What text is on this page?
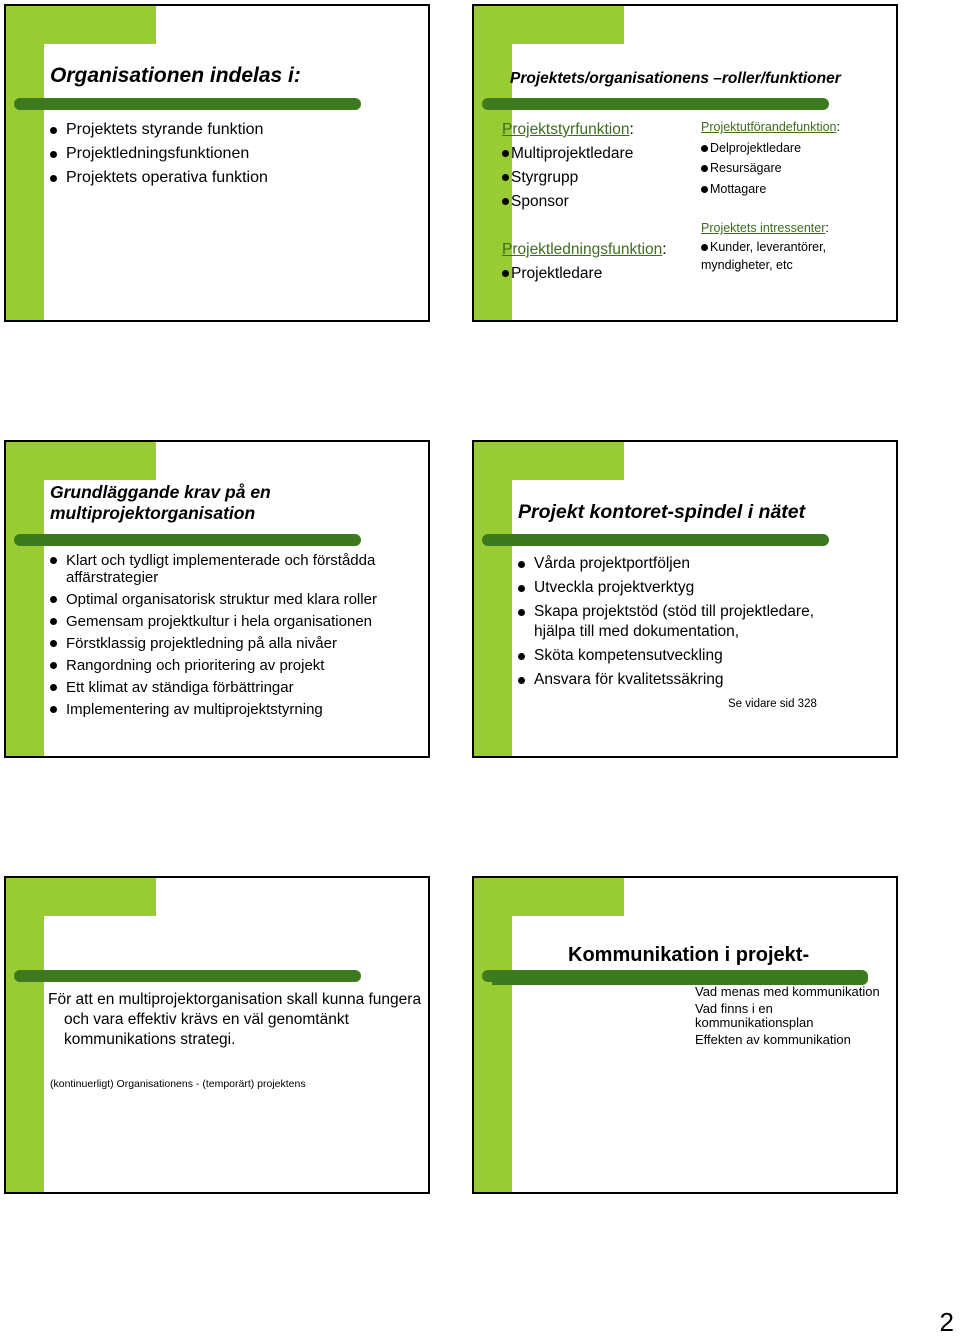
Organisationen indelas i:
Projektets styrande funktion
Projektledningsfunktionen
Projektets operativa funktion
Projektets/organisationens –roller/funktioner
Projektstyrfunktion:
Multiprojektledare
Styrgrupp
Sponsor
Projektledningsfunktion:
Projektledare
Projektutförandefunktion:
Delprojektledare
Resursägare
Mottagare
Projektets intressenter:
Kunder, leverantörer,
myndigheter, etc
Grundläggande krav på en
multiprojektorganisation
Klart och tydligt implementerade och förstådda affärstrategier
Optimal organisatorisk struktur med klara roller
Gemensam projektkultur i hela organisationen
Förstklassig projektledning på alla nivåer
Rangordning och prioritering av projekt
Ett klimat av ständiga förbättringar
Implementering av multiprojektstyrning
Projekt kontoret-spindel i nätet
Vårda projektportföljen
Utveckla projektverktyg
Skapa projektstöd (stöd till projektledare, hjälpa till med dokumentation,
Sköta kompetensutveckling
Ansvara för kvalitetssäkring
Se vidare sid 328
För att en multiprojektorganisation skall kunna fungera och vara effektiv krävs en väl genomtänkt kommunikations strategi.
(kontinuerligt) Organisationens - (temporärt) projektens
Kommunikation i projekt-
Vad menas med kommunikation
Vad finns i en kommunikationsplan
Effekten av kommunikation
2
